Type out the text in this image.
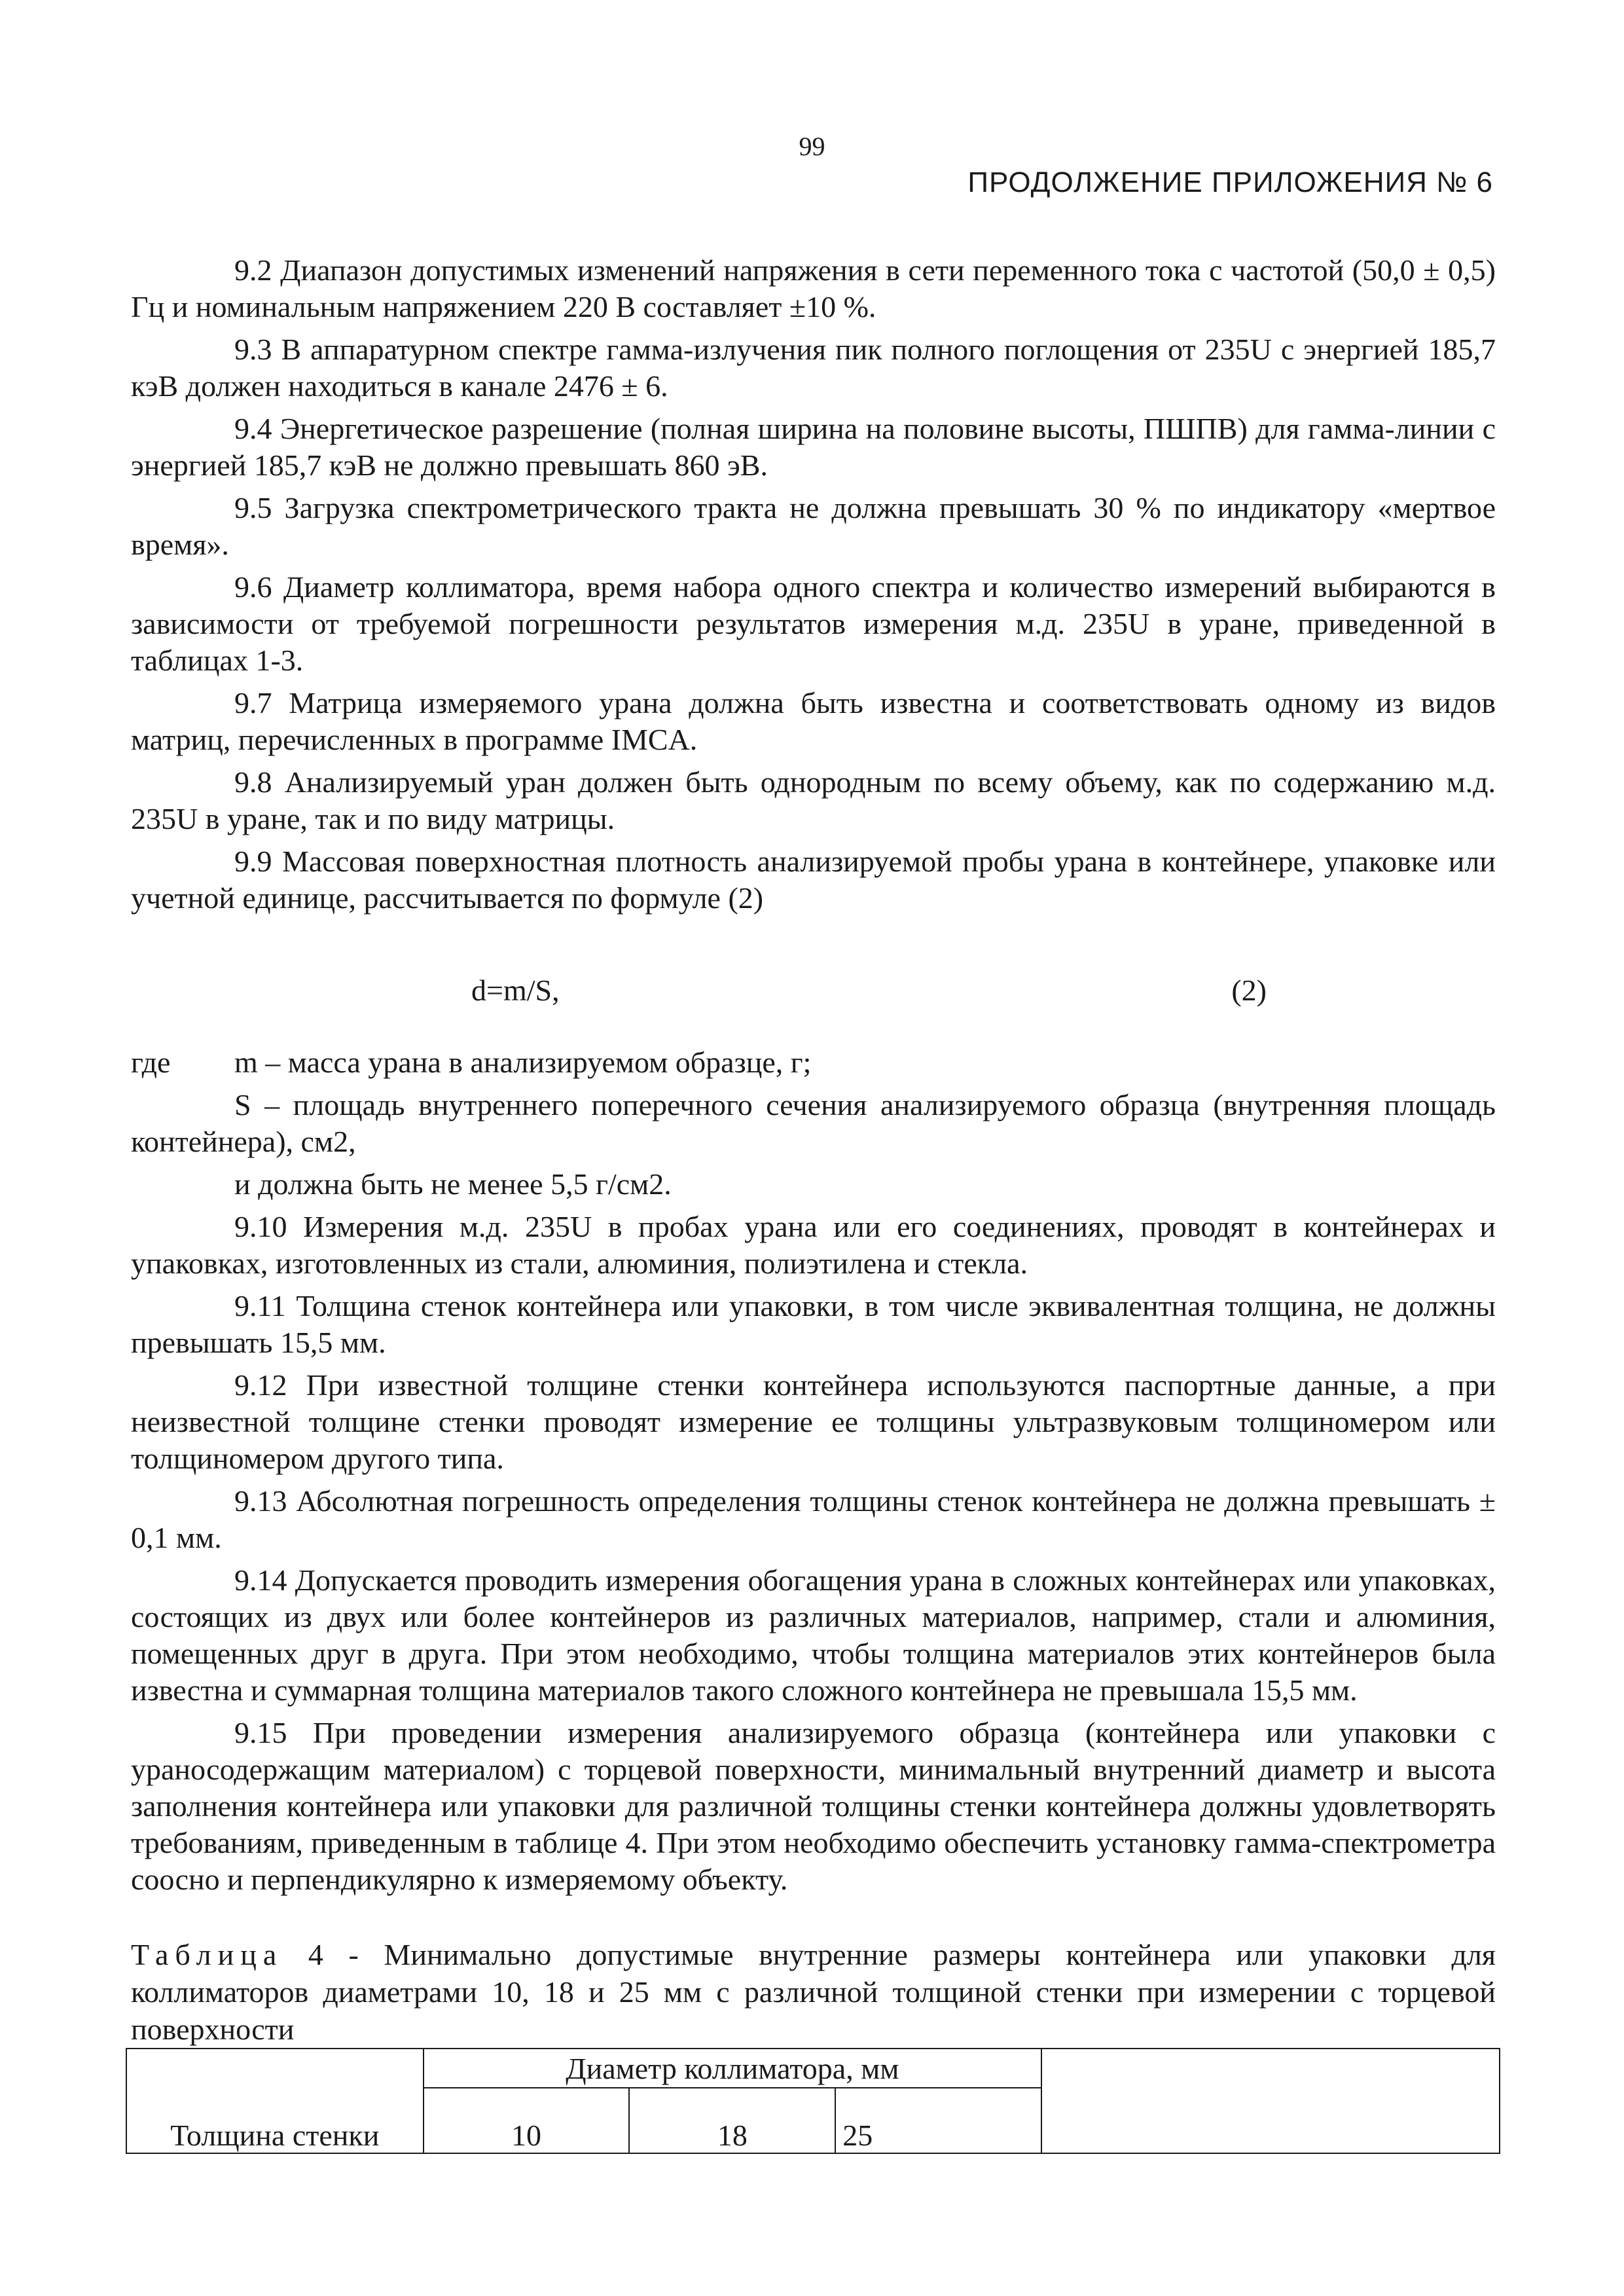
99
ПРОДОЛЖЕНИЕ ПРИЛОЖЕНИЯ № 6

9.2 Диапазон допустимых изменений напряжения в сети переменного тока с частотой (50,0 ± 0,5) Гц и номинальным напряжением 220 В составляет ±10 %.

9.3 В аппаратурном спектре гамма-излучения пик полного поглощения от 235U с энергией 185,7 кэВ должен находиться в канале 2476 ± 6.

9.4 Энергетическое разрешение (полная ширина на половине высоты, ПШПВ) для гамма-линии с энергией 185,7 кэВ не должно превышать 860 эВ.

9.5 Загрузка спектрометрического тракта не должна превышать 30 % по индикатору «мертвое время».

9.6 Диаметр коллиматора, время набора одного спектра и количество измерений выбираются в зависимости от требуемой погрешности результатов измерения м.д. 235U в уране, приведенной в таблицах 1-3.

9.7 Матрица измеряемого урана должна быть известна и соответствовать одному из видов матриц, перечисленных в программе IMCA.

9.8 Анализируемый уран должен быть однородным по всему объему, как по содержанию м.д. 235U в уране, так и по виду матрицы.

9.9 Массовая поверхностная плотность анализируемой пробы урана в контейнере, упаковке или учетной единице, рассчитывается по формуле (2)

d=m/S,	(2)
где m – масса урана в анализируемом образце, г;

S – площадь внутреннего поперечного сечения анализируемого образца (внутренняя площадь контейнера), см2,

и должна быть не менее 5,5 г/см2.

9.10 Измерения м.д. 235U в пробах урана или его соединениях, проводят в контейнерах и упаковках, изготовленных из стали, алюминия, полиэтилена и стекла.

9.11 Толщина стенок контейнера или упаковки, в том числе эквивалентная толщина, не должны превышать 15,5 мм.

9.12 При известной толщине стенки контейнера используются паспортные данные, а при неизвестной толщине стенки проводят измерение ее толщины ультразвуковым толщиномером или толщиномером другого типа.

9.13 Абсолютная погрешность определения толщины стенок контейнера не должна превышать ± 0,1 мм.

9.14 Допускается проводить измерения обогащения урана в сложных контейнерах или упаковках, состоящих из двух или более контейнеров из различных материалов, например, стали и алюминия, помещенных друг в друга. При этом необходимо, чтобы толщина материалов этих контейнеров была известна и суммарная толщина материалов такого сложного контейнера не превышала 15,5 мм.

9.15 При проведении измерения анализируемого образца (контейнера или упаковки с ураносодержащим материалом) с торцевой поверхности, минимальный внутренний диаметр и высота заполнения контейнера или упаковки для различной толщины стенки контейнера должны удовлетворять требованиям, приведенным в таблице 4. При этом необходимо обеспечить установку гамма-спектрометра соосно и перпендикулярно к измеряемому объекту.

Таблица 4 - Минимально допустимые внутренние размеры контейнера или упаковки для коллиматоров диаметрами 10, 18 и 25 мм с различной толщиной стенки при измерении с торцевой поверхности

Толщина стенки	Диаметр коллиматора, мм			
	10	18	25	
